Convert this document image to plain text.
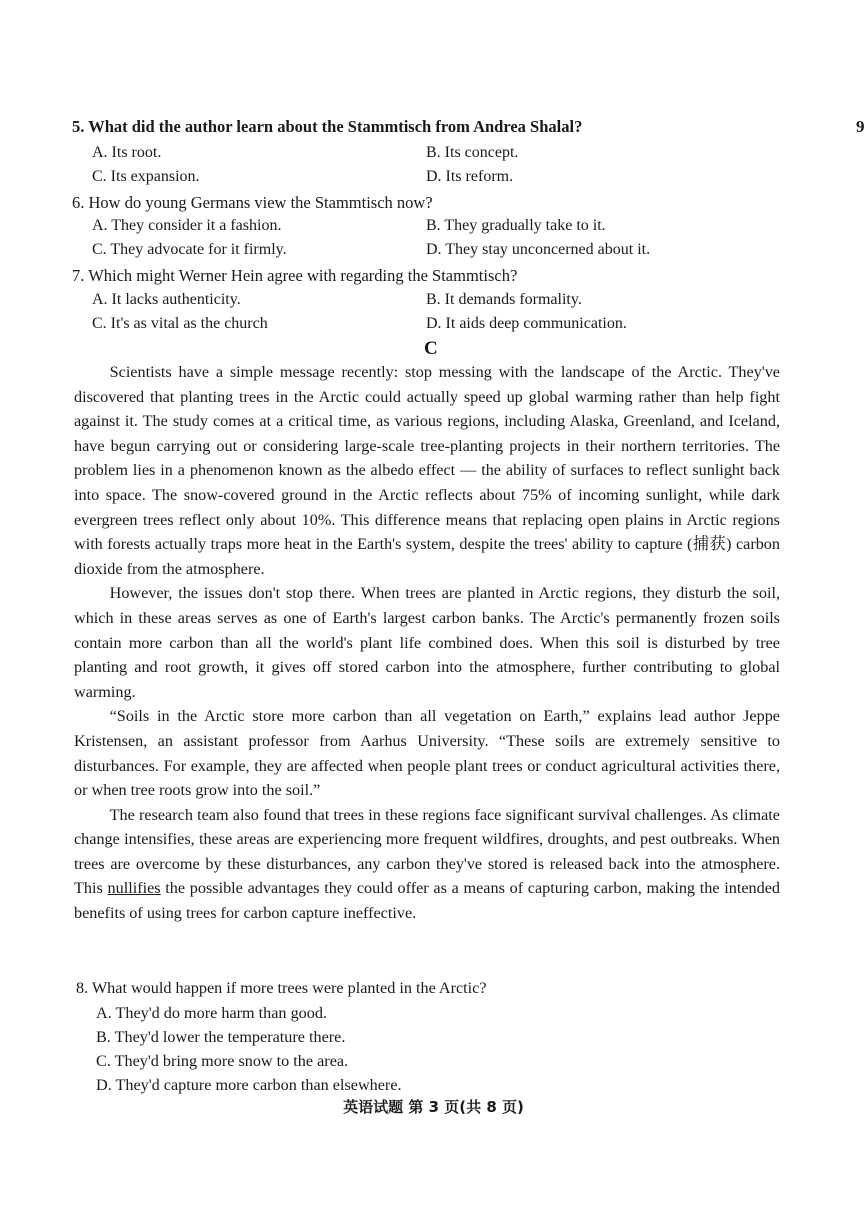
9
5. What did the author learn about the Stammtisch from Andrea Shalal?
A. Its root.	B. Its concept.
C. Its expansion.	D. Its reform.
6. How do young Germans view the Stammtisch now?
A. They consider it a fashion.	B. They gradually take to it.
C. They advocate for it firmly.	D. They stay unconcerned about it.
7. Which might Werner Hein agree with regarding the Stammtisch?
A. It lacks authenticity.	B. It demands formality.
C. It's as vital as the church	D. It aids deep communication.
C

Scientists have a simple message recently: stop messing with the landscape of the Arctic. They've discovered that planting trees in the Arctic could actually speed up global warming rather than help fight against it. The study comes at a critical time, as various regions, including Alaska, Greenland, and Iceland, have begun carrying out or considering large-scale tree-planting projects in their northern territories. The problem lies in a phenomenon known as the albedo effect — the ability of surfaces to reflect sunlight back into space. The snow-covered ground in the Arctic reflects about 75% of incoming sunlight, while dark evergreen trees reflect only about 10%. This difference means that replacing open plains in Arctic regions with forests actually traps more heat in the Earth's system, despite the trees' ability to capture (捕获) carbon dioxide from the atmosphere.

However, the issues don't stop there. When trees are planted in Arctic regions, they disturb the soil, which in these areas serves as one of Earth's largest carbon banks. The Arctic's permanently frozen soils contain more carbon than all the world's plant life combined does. When this soil is disturbed by tree planting and root growth, it gives off stored carbon into the atmosphere, further contributing to global warming.

“Soils in the Arctic store more carbon than all vegetation on Earth,” explains lead author Jeppe Kristensen, an assistant professor from Aarhus University. “These soils are extremely sensitive to disturbances. For example, they are affected when people plant trees or conduct agricultural activities there, or when tree roots grow into the soil.”

The research team also found that trees in these regions face significant survival challenges. As climate change intensifies, these areas are experiencing more frequent wildfires, droughts, and pest outbreaks. When trees are overcome by these disturbances, any carbon they've stored is released back into the atmosphere. This nullifies the possible advantages they could offer as a means of capturing carbon, making the intended benefits of using trees for carbon capture ineffective.

8. What would happen if more trees were planted in the Arctic?
A. They'd do more harm than good.
B. They'd lower the temperature there.
C. They'd bring more snow to the area.
D. They'd capture more carbon than elsewhere.
英语试题 第 3 页(共 8 页)
